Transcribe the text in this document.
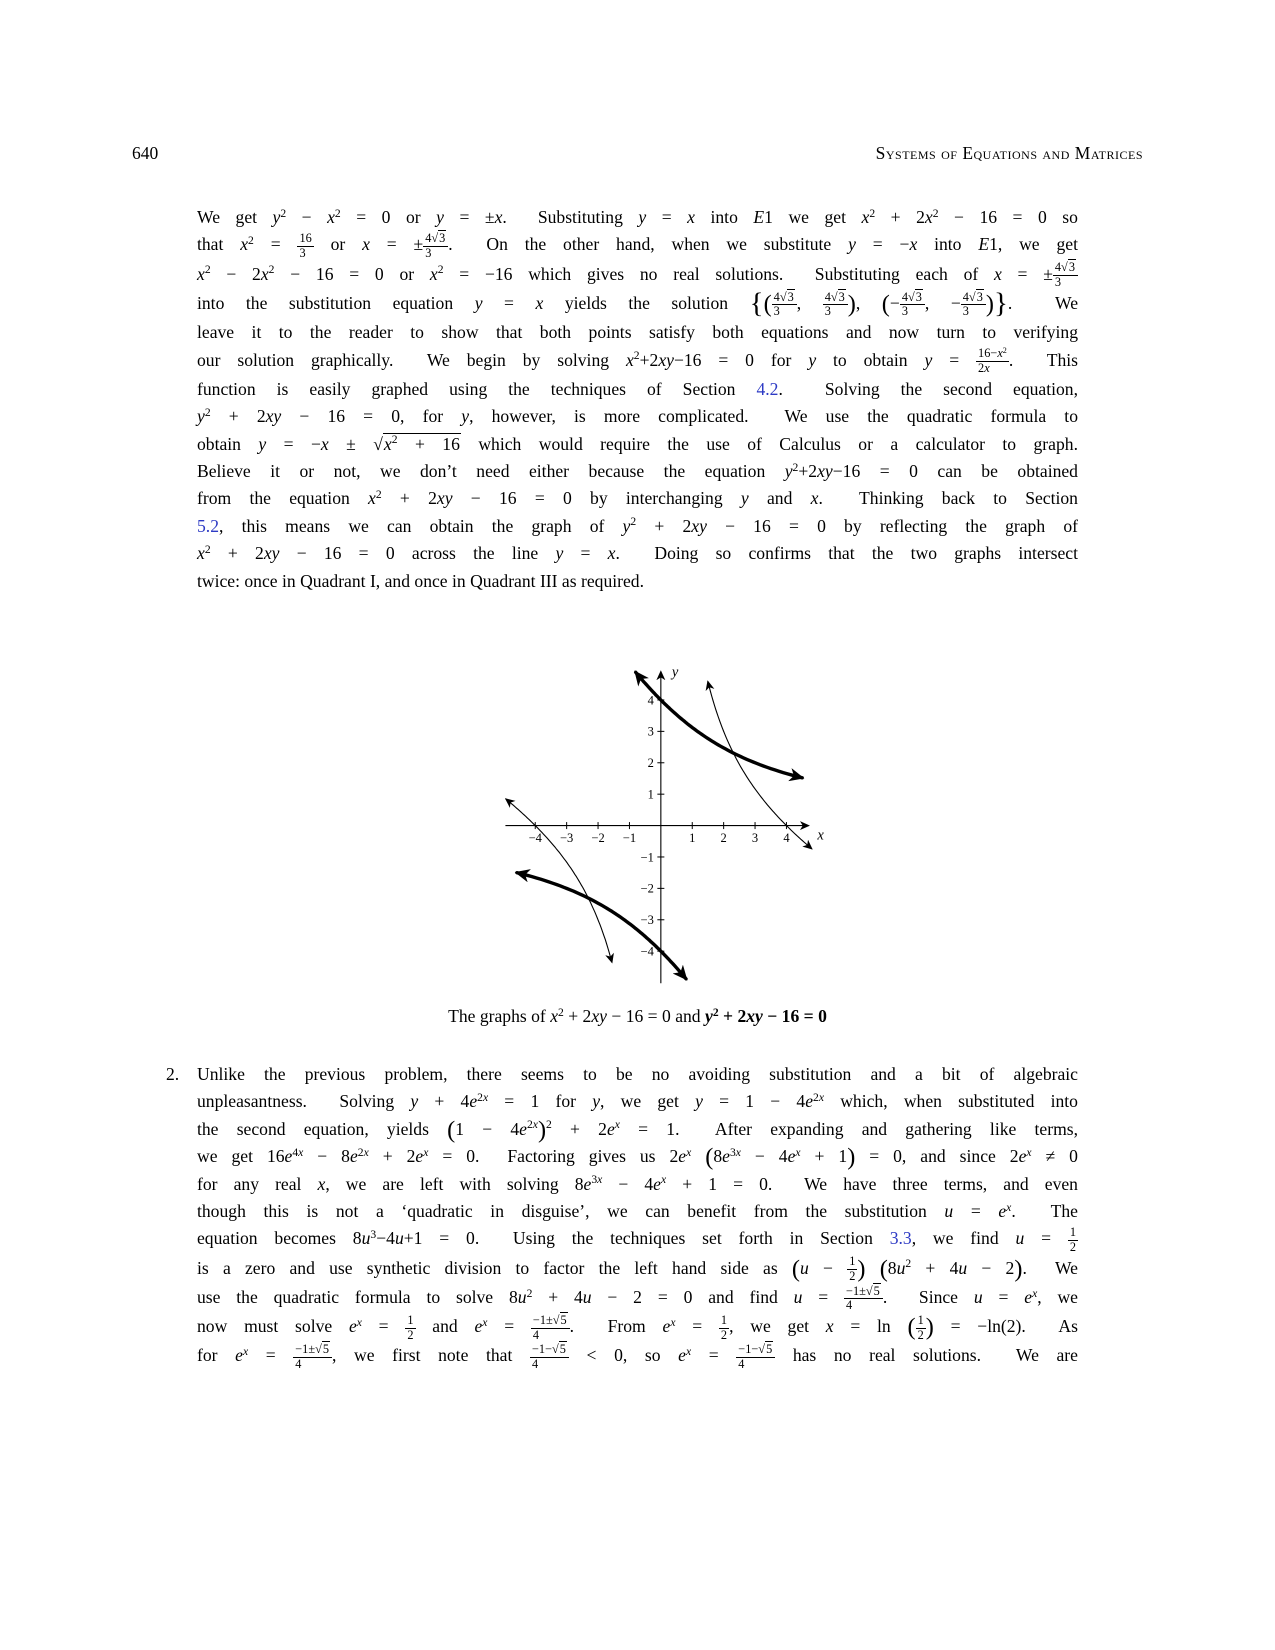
640	Systems of Equations and Matrices
We get $y^2 - x^2 = 0$ or y = ±x.  Substituting y = x into E1 we get $x^2 + 2x^2 - 16 = 0$ so
that $x^2 = \frac{16}{3}$ or x = ± $\frac{4√3}{3}$ .  On the other hand, when we substitute y = −x into E1, we get
$x^2 - 2x^2 - 16 = 0$ or $x^2 = -16$ which gives no real solutions.  Substituting each of x = ± $\frac{4√3}{3}$
into the substitution equation y = x yields the solution {( $\frac{4√3}{3}$ , $\frac{4√3}{3}$ ), (− $\frac{4√3}{3}$ , − $\frac{4√3}{3}$ )}.  We
leave it to the reader to show that both points satisfy both equations and now turn to verifying
our solution graphically.  We begin by solving $x^2+2xy-16 = 0$ for y to obtain $y = \frac{16-x^2}{2x}$ .  This
function is easily graphed using the techniques of Section 4.2.  Solving the second equation,
$y^2 + 2xy - 16 = 0$, for y, however, is more complicated.  We use the quadratic formula to
obtain $y = -x \pm √x^2 + 16$ which would require the use of Calculus or a calculator to graph.
Believe it or not, we don’t need either because the equation $y^2+2xy-16 = 0$ can be obtained
from the equation $x^2 + 2xy - 16 = 0$ by interchanging y and x.  Thinking back to Section
5.2, this means we can obtain the graph of $y^2 + 2xy - 16 = 0$ by reflecting the graph of
$x^2 + 2xy - 16 = 0$ across the line y = x.  Doing so confirms that the two graphs intersect
twice: once in Quadrant I, and once in Quadrant III as required.
−4 −3 −2 −1	1 2 3 4
−4
−3
−2
−1
1
2
3
4
x
y
The graphs of $x^2 + 2xy - 16 = 0$ and $y^2 + 2xy - 16 = 0$
2. Unlike the previous problem, there seems to be no avoiding substitution and a bit of algebraic
unpleasantness.  Solving $y + 4e^{2x} = 1$ for y, we get $y = 1 - 4e^{2x}$ which, when substituted into
the second equation, yields $(1 - 4e^{2x})^2 + 2e^x = 1$.  After expanding and gathering like terms,
we get $16e^{4x} - 8e^{2x} + 2e^x = 0$.  Factoring gives us $2e^x$ $(8e^{3x} - 4e^x + 1) = 0$, and since $2e^x \ne 0$
for any real x, we are left with solving $8e^{3x} - 4e^x + 1 = 0$.  We have three terms, and even
though this is not a ‘quadratic in disguise’, we can benefit from the substitution $u = e^x$.  The
equation becomes $8u^3-4u+1 = 0$.  Using the techniques set forth in Section 3.3, we find $u = \frac{1}{2}$
is a zero and use synthetic division to factor the left hand side as ($u - \frac{1}{2}$ ) $(8u^2 + 4u - 2)$.  We
use the quadratic formula to solve $8u^2 + 4u - 2 = 0$ and find $u = \frac{-1\pm√5}{4}$ .  Since $u = e^x$, we
now must solve $e^x = \frac{1}{2}$ and $e^x = \frac{-1\pm√5}{4}$ .  From $e^x = \frac{1}{2}$ , we get x = ln ( $\frac{1}{2}$ ) = −ln(2).  As
for $e^x = \frac{-1\pm√5}{4}$ , we first note that $\frac{-1-√5}{4} < 0$, so $e^x = \frac{-1-√5}{4}$ has no real solutions.  We are
